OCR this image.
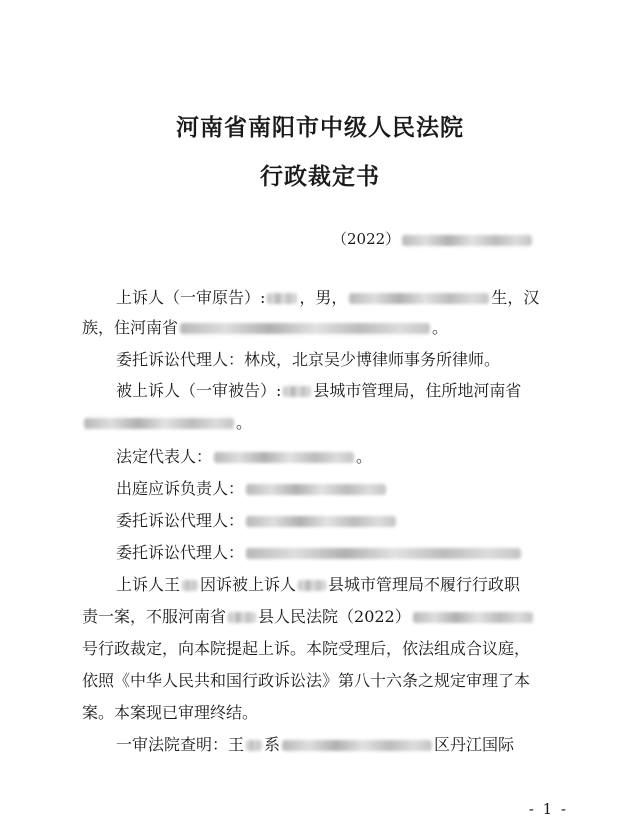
河南省南阳市中级人民法院
行政裁定书
（2022）
上诉人（一审原告）: ，男，	生，汉
族，住河南省	。
委托诉讼代理人：林戍，北京吴少博律师事务所律师。
被上诉人（一审被告）: 县城市管理局，住所地河南省
。
法定代表人：	。
出庭应诉负责人：
委托诉讼代理人：
委托诉讼代理人：
上诉人王 因诉被上诉人 县城市管理局不履行行政职
责一案，不服河南省 县人民法院（2022）
号行政裁定，向本院提起上诉。本院受理后，依法组成合议庭，
依照《中华人民共和国行政诉讼法》第八十六条之规定审理了本
案。本案现已审理终结。
一审法院查明：王 系	区丹江国际
- 1 -
